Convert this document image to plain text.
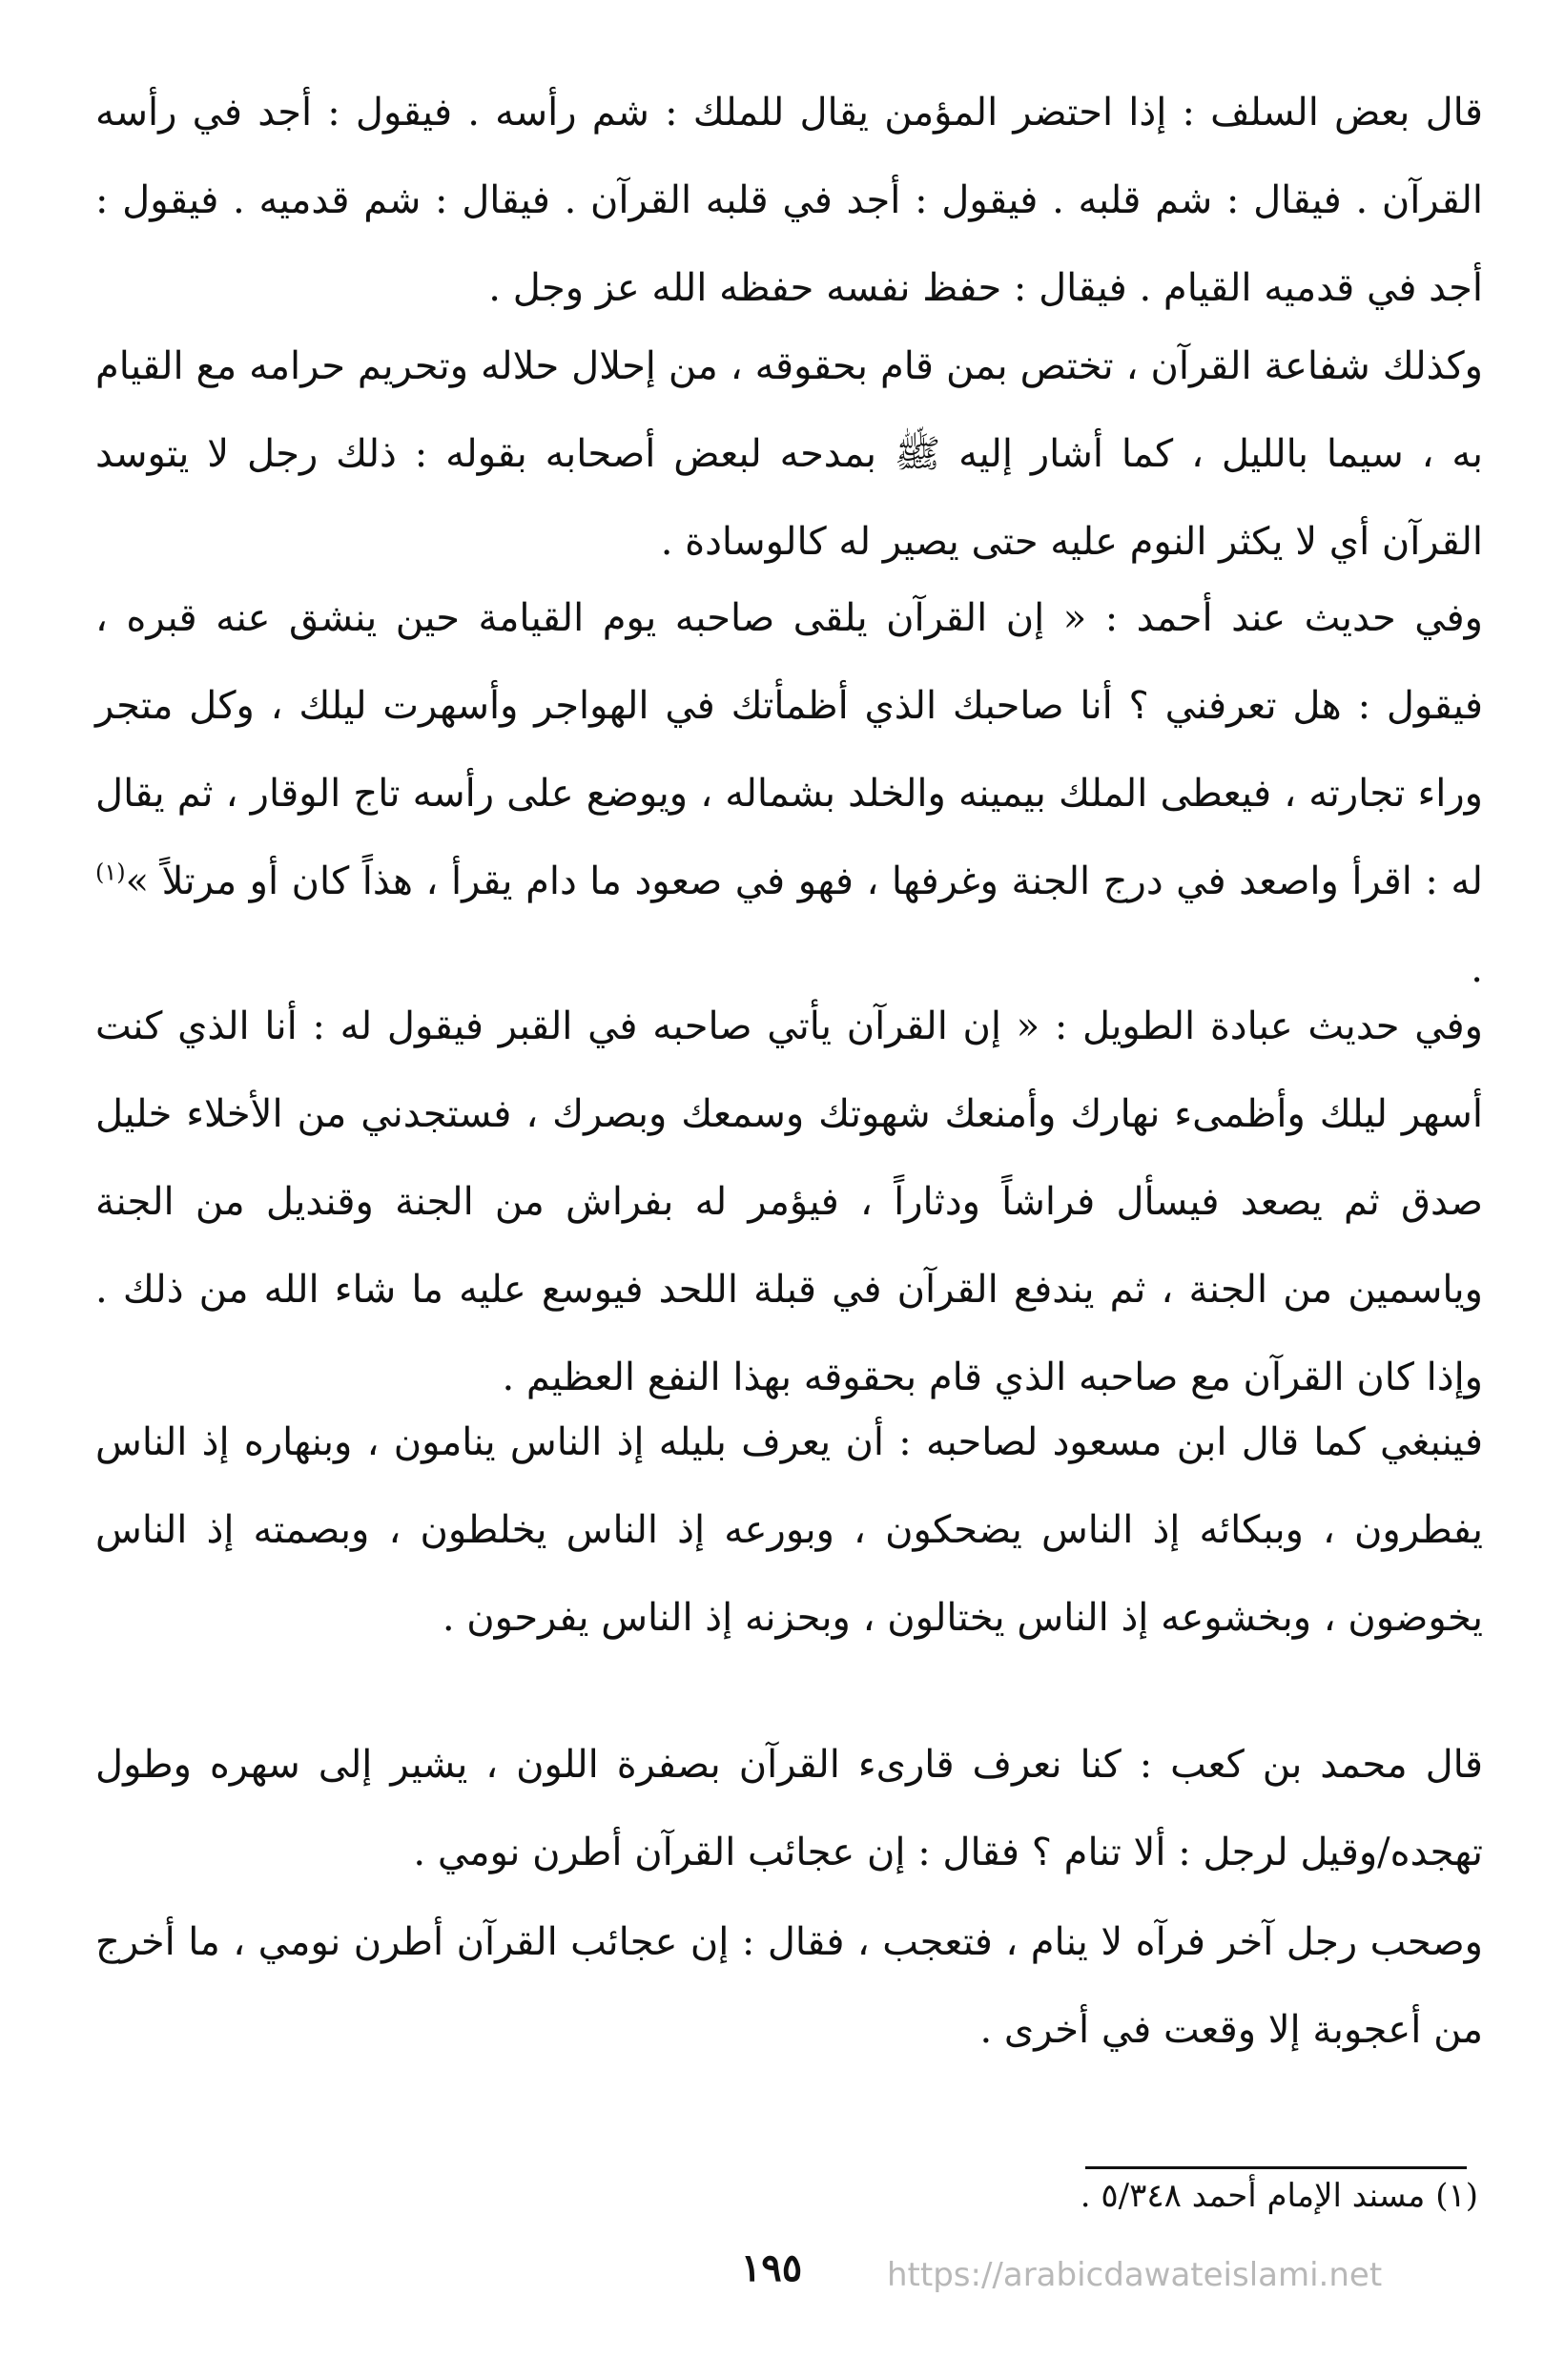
قال بعض السلف : إذا احتضر المؤمن يقال للملك : شم رأسه . فيقول : أجد في رأسه القرآن . فيقال : شم قلبه . فيقول : أجد في قلبه القرآن . فيقال : شم قدميه . فيقول : أجد في قدميه القيام . فيقال : حفظ نفسه حفظه الله عز وجل .

وكذلك شفاعة القرآن ، تختص بمن قام بحقوقه ، من إحلال حلاله وتحريم حرامه مع القيام به ، سيما بالليل ، كما أشار إليه ﷺ بمدحه لبعض أصحابه بقوله : ذلك رجل لا يتوسد القرآن أي لا يكثر النوم عليه حتى يصير له كالوسادة .

وفي حديث عند أحمد : « إن القرآن يلقى صاحبه يوم القيامة حين ينشق عنه قبره ، فيقول : هل تعرفني ؟ أنا صاحبك الذي أظمأتك في الهواجر وأسهرت ليلك ، وكل متجر وراء تجارته ، فيعطى الملك بيمينه والخلد بشماله ، ويوضع على رأسه تاج الوقار ، ثم يقال له : اقرأ واصعد في درج الجنة وغرفها ، فهو في صعود ما دام يقرأ ، هذاً كان أو مرتلاً »$^{(١)}$ .

وفي حديث عبادة الطويل : « إن القرآن يأتي صاحبه في القبر فيقول له : أنا الذي كنت أسهر ليلك وأظمىء نهارك وأمنعك شهوتك وسمعك وبصرك ، فستجدني من الأخلاء خليل صدق ثم يصعد فيسأل فراشاً ودثاراً ، فيؤمر له بفراش من الجنة وقنديل من الجنة وياسمين من الجنة ، ثم يندفع القرآن في قبلة اللحد فيوسع عليه ما شاء الله من ذلك . وإذا كان القرآن مع صاحبه الذي قام بحقوقه بهذا النفع العظيم .

فينبغي كما قال ابن مسعود لصاحبه : أن يعرف بليله إذ الناس ينامون ، وبنهاره إذ الناس يفطرون ، وببكائه إذ الناس يضحكون ، وبورعه إذ الناس يخلطون ، وبصمته إذ الناس يخوضون ، وبخشوعه إذ الناس يختالون ، وبحزنه إذ الناس يفرحون .

قال محمد بن كعب : كنا نعرف قارىء القرآن بصفرة اللون ، يشير إلى سهره وطول تهجده/وقيل لرجل : ألا تنام ؟ فقال : إن عجائب القرآن أطرن نومي .

وصحب رجل آخر فرآه لا ينام ، فتعجب ، فقال : إن عجائب القرآن أطرن نومي ، ما أخرج من أعجوبة إلا وقعت في أخرى .

(١) مسند الإمام أحمد ٥/٣٤٨ .
١٩٥	https://arabicdawateislami.net
